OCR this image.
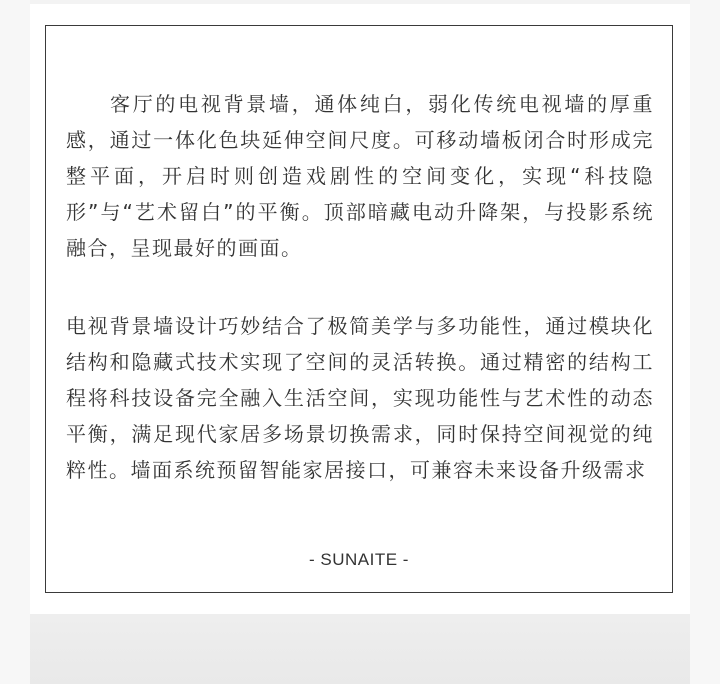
客厅的电视背景墙，通体纯白，弱化传统电视墙的厚重感，通过一体化色块延伸空间尺度。可移动墙板闭合时形成完整平面，开启时则创造戏剧性的空间变化，实现“科技隐形”与“艺术留白”的平衡。顶部暗藏电动升降架，与投影系统融合，呈现最好的画面。

电视背景墙设计巧妙结合了极简美学与多功能性，通过模块化结构和隐藏式技术实现了空间的灵活转换。通过精密的结构工程将科技设备完全融入生活空间，实现功能性与艺术性的动态平衡，满足现代家居多场景切换需求，同时保持空间视觉的纯粹性。墙面系统预留智能家居接口，可兼容未来设备升级需求

- SUNAITE -
